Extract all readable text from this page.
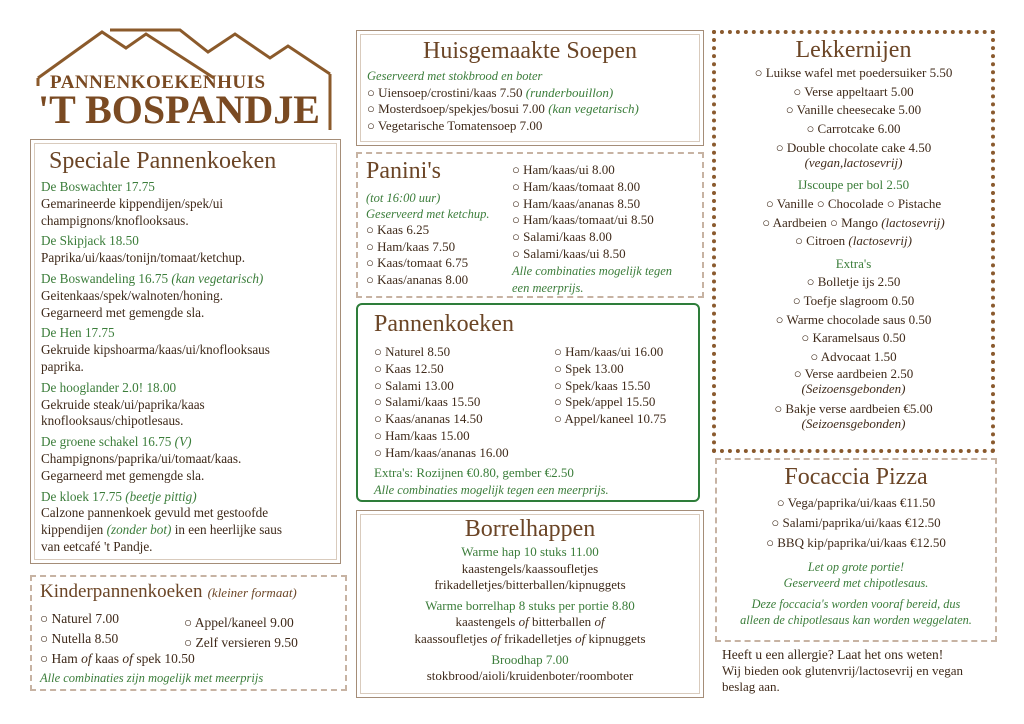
PANNENKOEKENHUIS
'T BOSPANDJE
Speciale Pannenkoeken
De Boswachter 17.75
Gemarineerde kippendijen/spek/ui
champignons/knoflooksaus.
De Skipjack 18.50
Paprika/ui/kaas/tonijn/tomaat/ketchup.
De Boswandeling 16.75 (kan vegetarisch)
Geitenkaas/spek/walnoten/honing.
Gegarneerd met gemengde sla.
De Hen 17.75
Gekruide kipshoarma/kaas/ui/knoflooksaus
paprika.
De hooglander 2.0! 18.00
Gekruide steak/ui/paprika/kaas
knoflooksaus/chipotlesaus.
De groene schakel 16.75 (V)
Champignons/paprika/ui/tomaat/kaas.
Gegarneerd met gemengde sla.
De kloek 17.75 (beetje pittig)
Calzone pannenkoek gevuld met gestoofde
kippendijen (zonder bot) in een heerlijke saus
van eetcafé 't Pandje.
Kinderpannenkoeken (kleiner formaat)
○ Naturel 7.00
○ Nutella 8.50
○ Appel/kaneel 9.00
○ Zelf versieren 9.50
○ Ham of kaas of spek 10.50
Alle combinaties zijn mogelijk met meerprijs
Huisgemaakte Soepen
Geserveerd met stokbrood en boter
○ Uiensoep/crostini/kaas 7.50 (runderbouillon)
○ Mosterdsoep/spekjes/bosui 7.00 (kan vegetarisch)
○ Vegetarische Tomatensoep 7.00
Panini's
(tot 16:00 uur)
Geserveerd met ketchup.
○ Kaas 6.25
○ Ham/kaas 7.50
○ Kaas/tomaat 6.75
○ Kaas/ananas 8.00
○ Ham/kaas/ui 8.00
○ Ham/kaas/tomaat 8.00
○ Ham/kaas/ananas 8.50
○ Ham/kaas/tomaat/ui 8.50
○ Salami/kaas 8.00
○ Salami/kaas/ui 8.50
Alle combinaties mogelijk tegen
een meerprijs.
Pannenkoeken
○ Naturel 8.50
○ Kaas 12.50
○ Salami 13.00
○ Salami/kaas 15.50
○ Kaas/ananas 14.50
○ Ham/kaas 15.00
○ Ham/kaas/ananas 16.00
○ Ham/kaas/ui 16.00
○ Spek 13.00
○ Spek/kaas 15.50
○ Spek/appel 15.50
○ Appel/kaneel 10.75
Extra's: Rozijnen €0.80, gember €2.50
Alle combinaties mogelijk tegen een meerprijs.
Borrelhappen
Warme hap 10 stuks 11.00
kaastengels/kaassoufletjes
frikadelletjes/bitterballen/kipnuggets
Warme borrelhap 8 stuks per portie 8.80
kaastengels of bitterballen of
kaassoufletjes of frikadelletjes of kipnuggets
Broodhap 7.00
stokbrood/aioli/kruidenboter/roomboter
Lekkernijen
○ Luikse wafel met poedersuiker 5.50
○ Verse appeltaart 5.00
○ Vanille cheesecake 5.00
○ Carrotcake 6.00
○ Double chocolate cake 4.50
(vegan,lactosevrij)
IJscoupe per bol 2.50
○ Vanille ○ Chocolade ○ Pistache
○ Aardbeien ○ Mango (lactosevrij)
○ Citroen (lactosevrij)
Extra's
○ Bolletje ijs 2.50
○ Toefje slagroom 0.50
○ Warme chocolade saus 0.50
○ Karamelsaus 0.50
○ Advocaat 1.50
○ Verse aardbeien 2.50
(Seizoensgebonden)
○ Bakje verse aardbeien €5.00
(Seizoensgebonden)
Focaccia Pizza
○ Vega/paprika/ui/kaas €11.50
○ Salami/paprika/ui/kaas €12.50
○ BBQ kip/paprika/ui/kaas €12.50
Let op grote portie!
Geserveerd met chipotlesaus.
Deze foccacia's worden vooraf bereid, dus
alleen de chipotlesaus kan worden weggelaten.
Heeft u een allergie? Laat het ons weten!
Wij bieden ook glutenvrij/lactosevrij en vegan
beslag aan.
